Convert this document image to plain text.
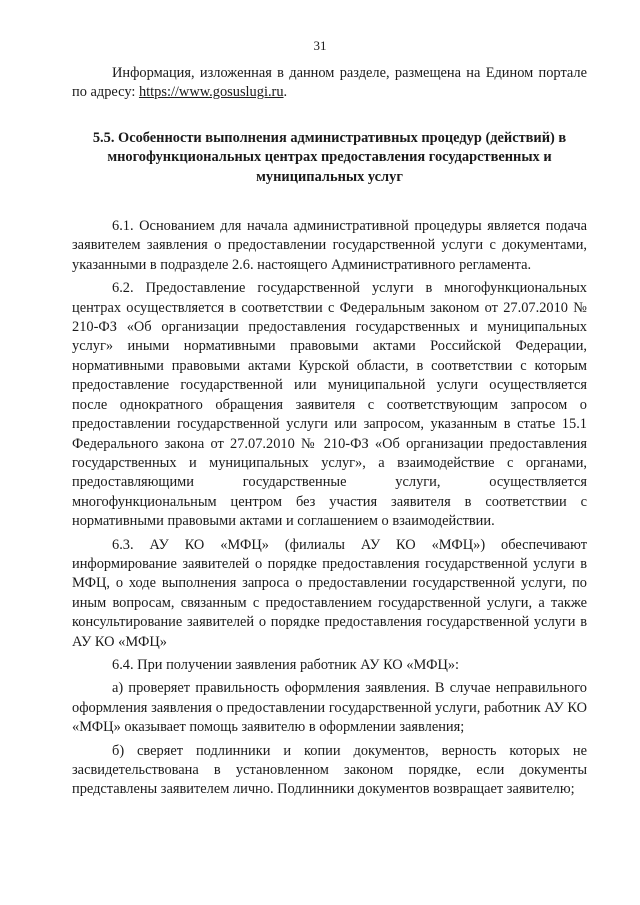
31

Информация, изложенная в данном разделе, размещена на Едином портале по адресу: https://www.gosuslugi.ru.

5.5. Особенности выполнения административных процедур (действий) в многофункциональных центрах предоставления государственных и муниципальных услуг

6.1. Основанием для начала административной процедуры является подача заявителем заявления о предоставлении государственной услуги с документами, указанными в подразделе 2.6. настоящего Административного регламента.

6.2. Предоставление государственной услуги в многофункциональных центрах осуществляется в соответствии с Федеральным законом от 27.07.2010 № 210-ФЗ «Об организации предоставления государственных и муниципальных услуг» иными нормативными правовыми актами Российской Федерации, нормативными правовыми актами Курской области, в соответствии с которым предоставление государственной или муниципальной услуги осуществляется после однократного обращения заявителя с соответствующим запросом о предоставлении государственной услуги или запросом, указанным в статье 15.1 Федерального закона от 27.07.2010 № 210-ФЗ «Об организации предоставления государственных и муниципальных услуг», а взаимодействие с органами, предоставляющими государственные услуги, осуществляется многофункциональным центром без участия заявителя в соответствии с нормативными правовыми актами и соглашением о взаимодействии.

6.3. АУ КО «МФЦ» (филиалы АУ КО «МФЦ») обеспечивают информирование заявителей о порядке предоставления государственной услуги в МФЦ, о ходе выполнения запроса о предоставлении государственной услуги, по иным вопросам, связанным с предоставлением государственной услуги, а также консультирование заявителей о порядке предоставления государственной услуги в АУ КО «МФЦ»

6.4. При получении заявления работник АУ КО «МФЦ»:

а) проверяет правильность оформления заявления. В случае неправильного оформления заявления о предоставлении государственной услуги, работник АУ КО «МФЦ» оказывает помощь заявителю в оформлении заявления;

б) сверяет подлинники и копии документов, верность которых не засвидетельствована в установленном законом порядке, если документы представлены заявителем лично. Подлинники документов возвращает заявителю;
